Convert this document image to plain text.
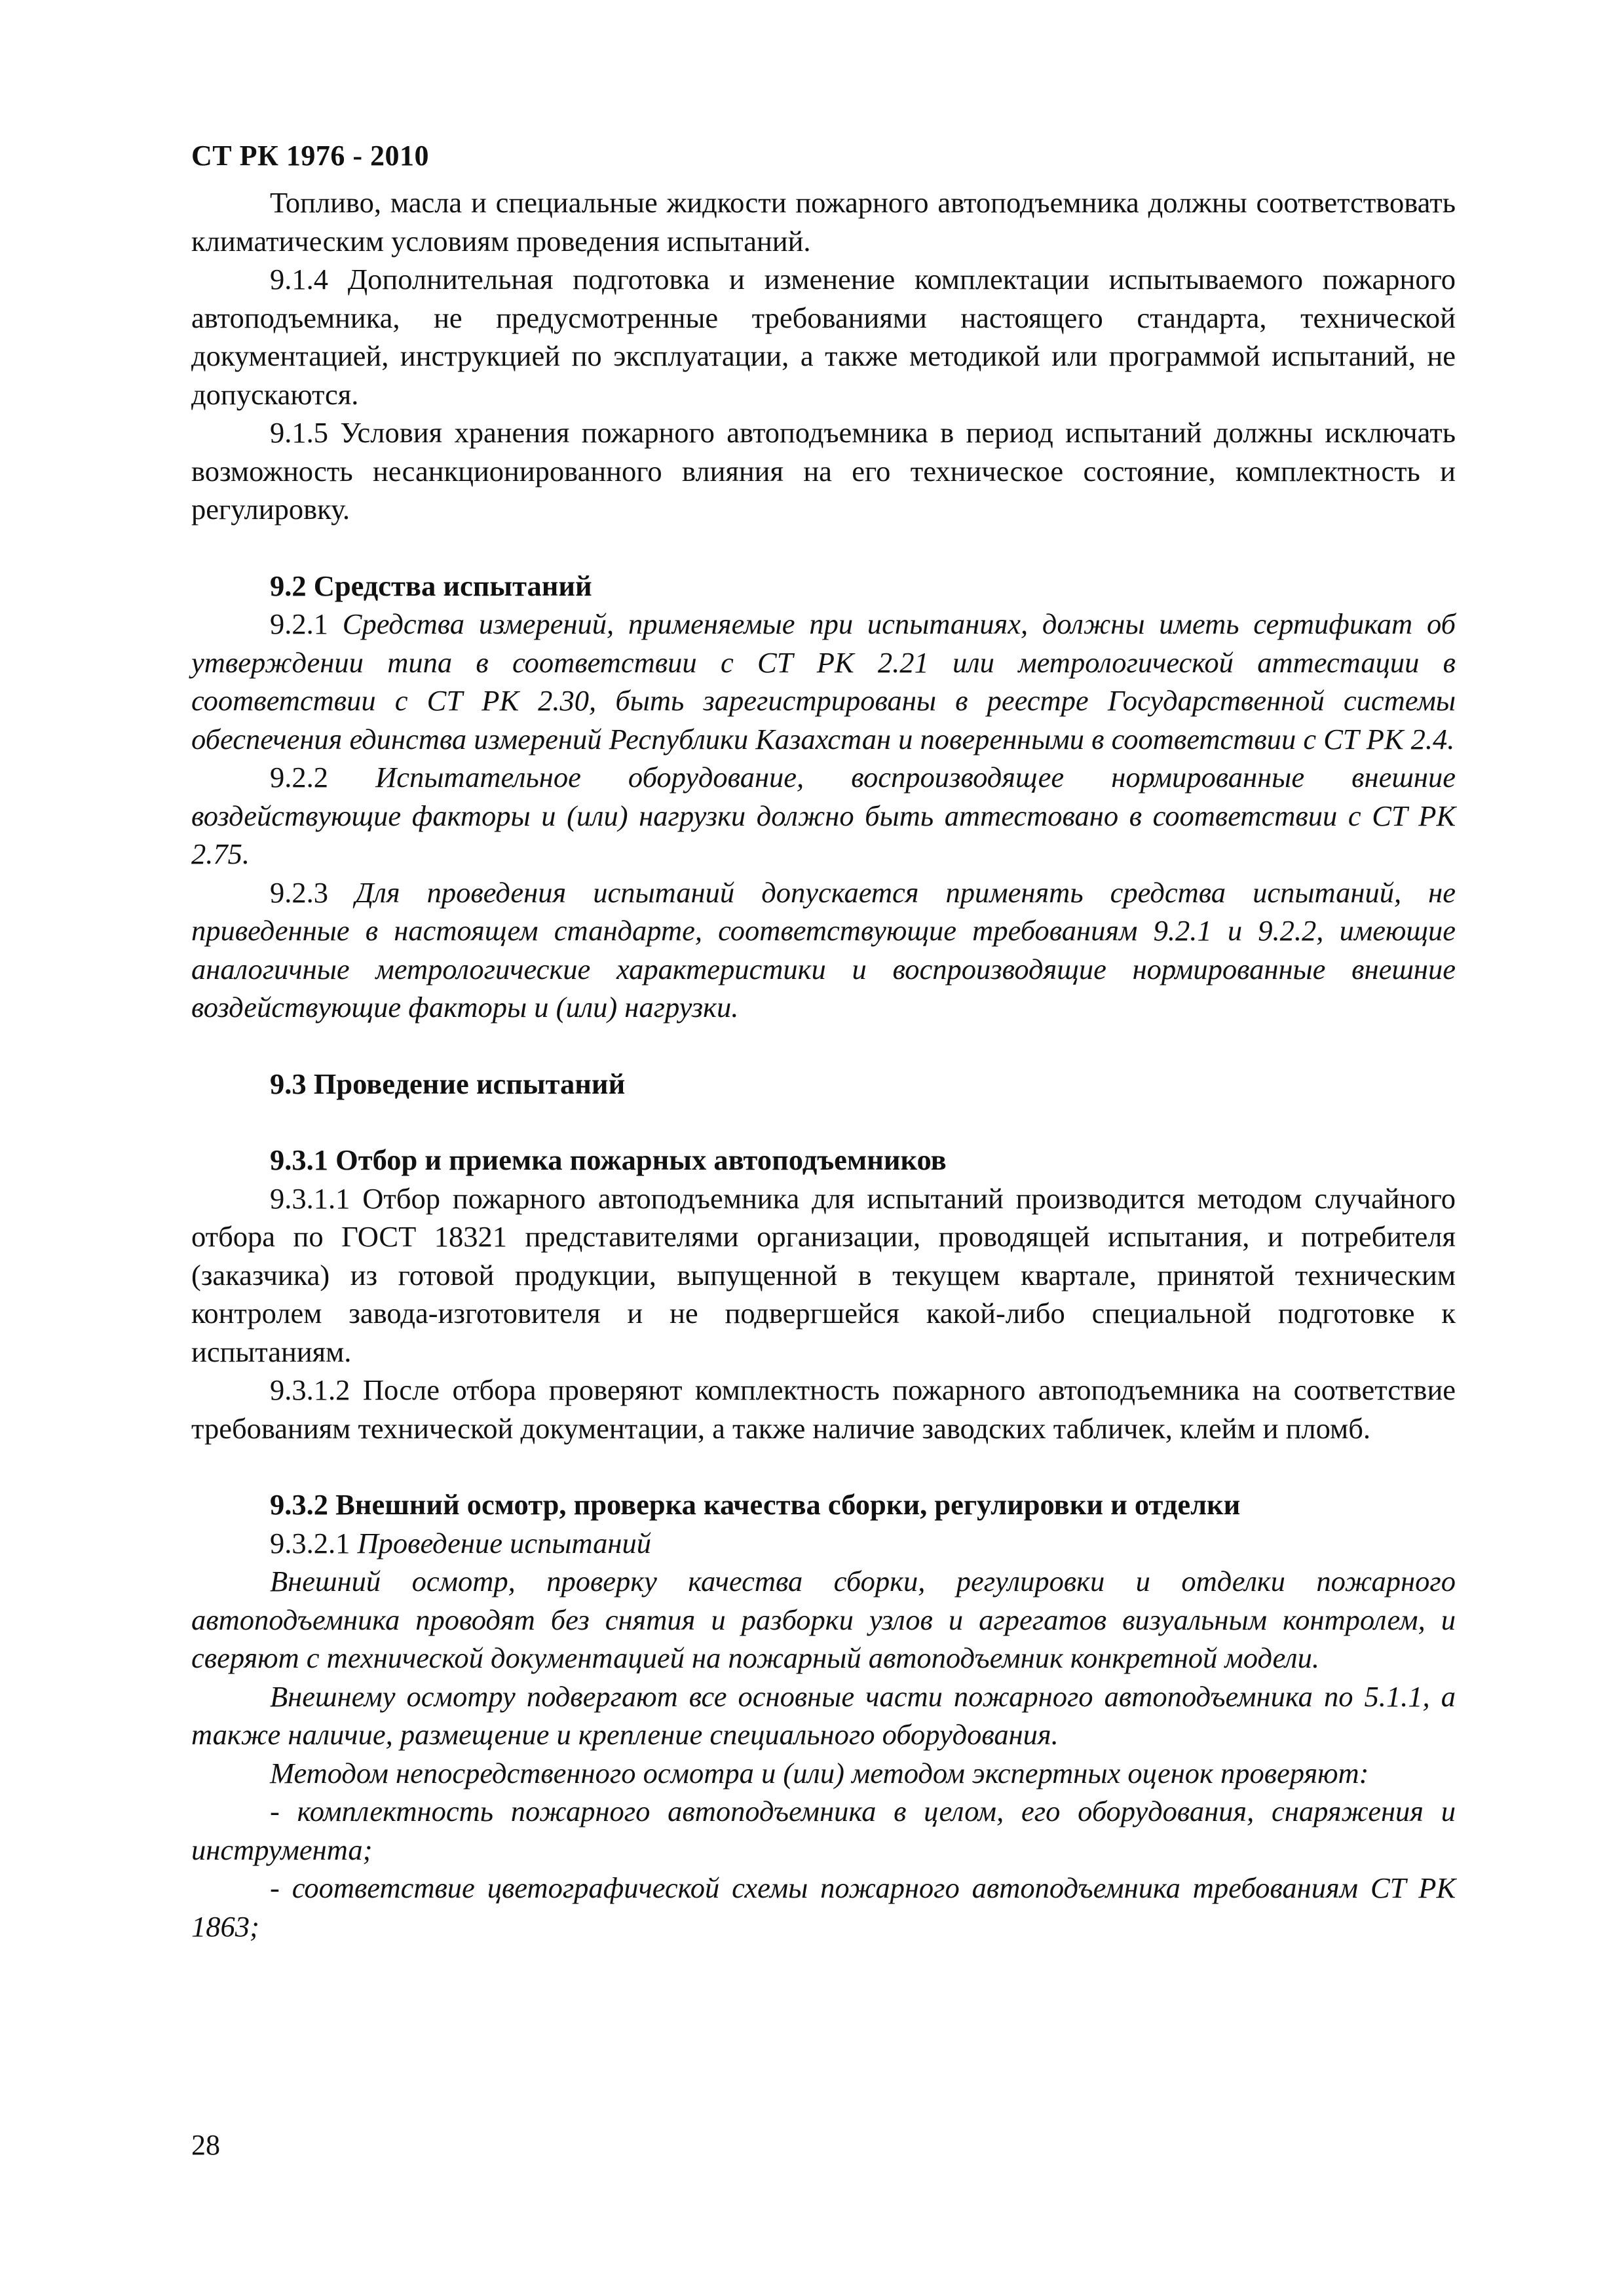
СТ РК 1976 - 2010

Топливо, масла и специальные жидкости пожарного автоподъемника должны соответствовать климатическим условиям проведения испытаний.

9.1.4 Дополнительная подготовка и изменение комплектации испытываемого пожарного автоподъемника, не предусмотренные требованиями настоящего стандарта, технической документацией, инструкцией по эксплуатации, а также методикой или программой испытаний, не допускаются.

9.1.5 Условия хранения пожарного автоподъемника в период испытаний должны исключать возможность несанкционированного влияния на его техническое состояние, комплектность и регулировку.

9.2 Средства испытаний

9.2.1 Средства измерений, применяемые при испытаниях, должны иметь сертификат об утверждении типа в соответствии с СТ РК 2.21 или метрологической аттестации в соответствии с СТ РК 2.30, быть зарегистрированы в реестре Государственной системы обеспечения единства измерений Республики Казахстан и поверенными в соответствии с СТ РК 2.4.

9.2.2 Испытательное оборудование, воспроизводящее нормированные внешние воздействующие факторы и (или) нагрузки должно быть аттестовано в соответствии с СТ РК 2.75.

9.2.3 Для проведения испытаний допускается применять средства испытаний, не приведенные в настоящем стандарте, соответствующие требованиям 9.2.1 и 9.2.2, имеющие аналогичные метрологические характеристики и воспроизводящие нормированные внешние воздействующие факторы и (или) нагрузки.

9.3 Проведение испытаний

9.3.1 Отбор и приемка пожарных автоподъемников

9.3.1.1 Отбор пожарного автоподъемника для испытаний производится методом случайного отбора по ГОСТ 18321 представителями организации, проводящей испытания, и потребителя (заказчика) из готовой продукции, выпущенной в текущем квартале, принятой техническим контролем завода-изготовителя и не подвергшейся какой-либо специальной подготовке к испытаниям.

9.3.1.2 После отбора проверяют комплектность пожарного автоподъемника на соответствие требованиям технической документации, а также наличие заводских табличек, клейм и пломб.

9.3.2 Внешний осмотр, проверка качества сборки, регулировки и отделки

9.3.2.1 Проведение испытаний

Внешний осмотр, проверку качества сборки, регулировки и отделки пожарного автоподъемника проводят без снятия и разборки узлов и агрегатов визуальным контролем, и сверяют с технической документацией на пожарный автоподъемник конкретной модели.

Внешнему осмотру подвергают все основные части пожарного автоподъемника по 5.1.1, а также наличие, размещение и крепление специального оборудования.

Методом непосредственного осмотра и (или) методом экспертных оценок проверяют:

- комплектность пожарного автоподъемника в целом, его оборудования, снаряжения и инструмента;

- соответствие цветографической схемы пожарного автоподъемника требованиям СТ РК 1863;

28
